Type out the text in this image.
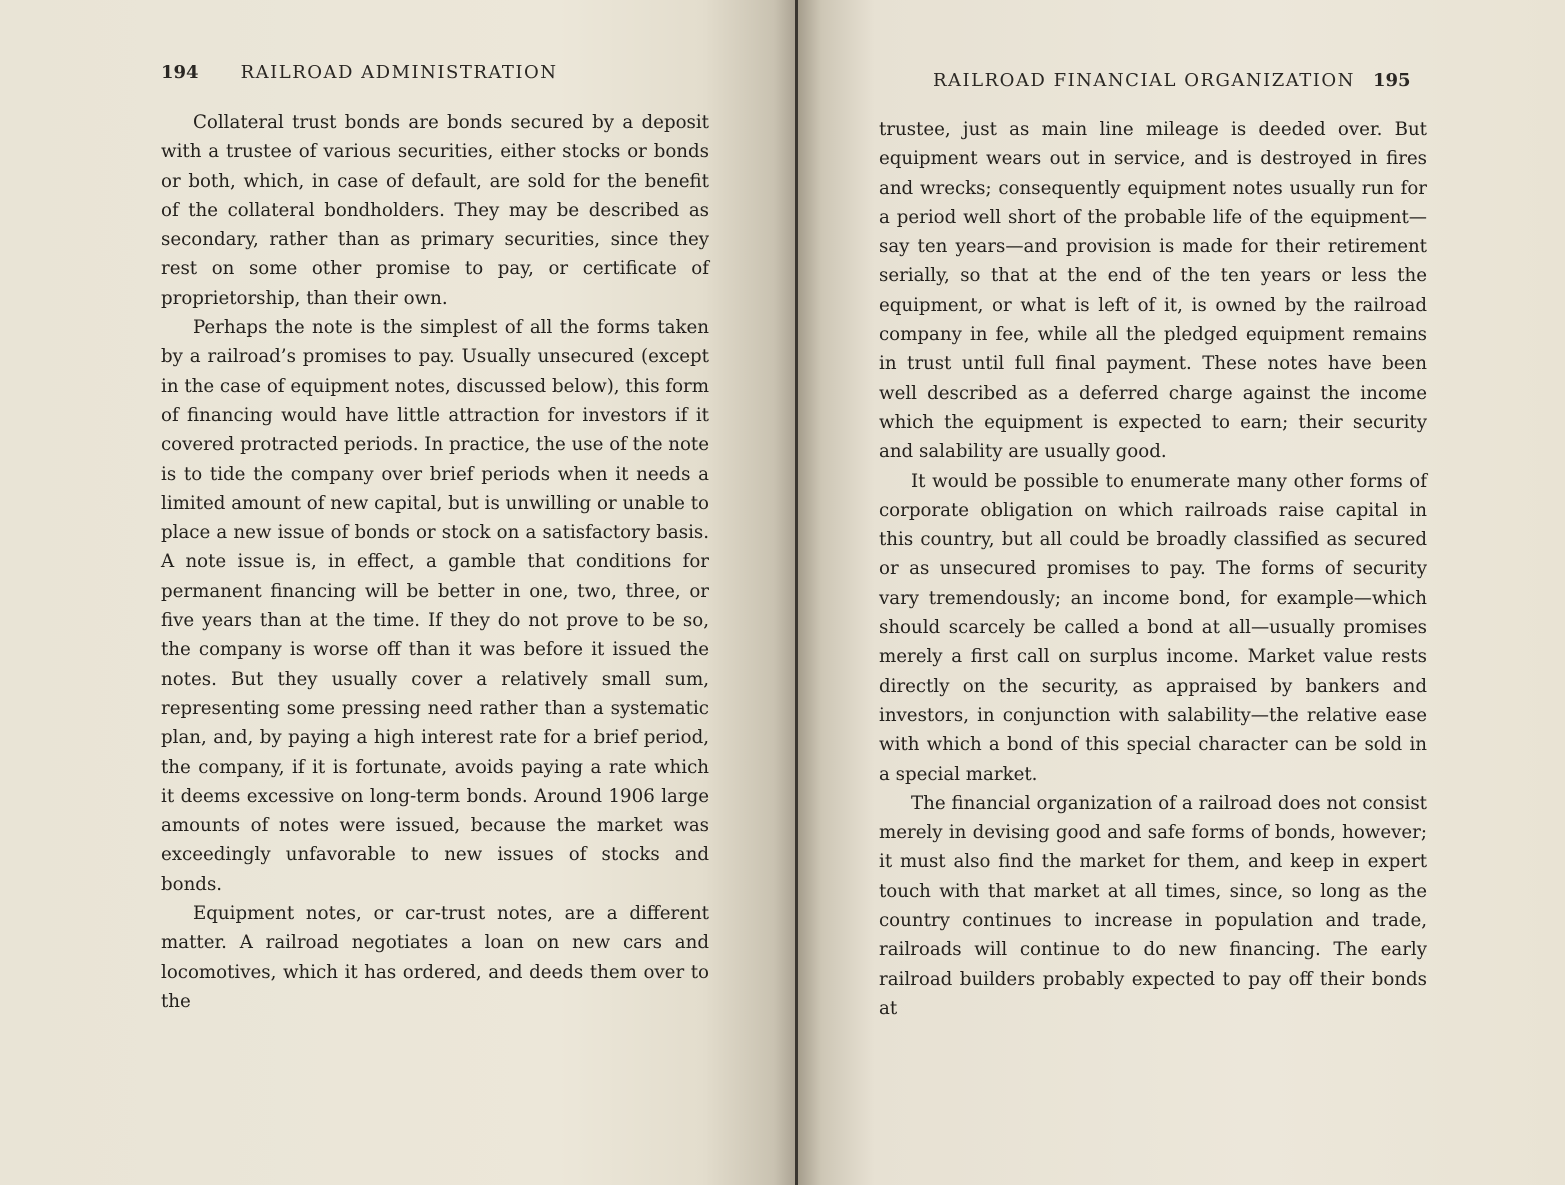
194 RAILROAD ADMINISTRATION

Collateral trust bonds are bonds secured by a deposit with a trustee of various securities, either stocks or bonds or both, which, in case of default, are sold for the benefit of the collateral bondholders. They may be described as secondary, rather than as primary securities, since they rest on some other promise to pay, or certificate of proprietorship, than their own.

Perhaps the note is the simplest of all the forms taken by a railroad’s promises to pay. Usually unsecured (except in the case of equipment notes, discussed below), this form of financing would have little attraction for investors if it covered protracted periods. In practice, the use of the note is to tide the company over brief periods when it needs a limited amount of new capital, but is unwilling or unable to place a new issue of bonds or stock on a satisfactory basis. A note issue is, in effect, a gamble that conditions for permanent financing will be better in one, two, three, or five years than at the time. If they do not prove to be so, the company is worse off than it was before it issued the notes. But they usually cover a relatively small sum, representing some pressing need rather than a systematic plan, and, by paying a high interest rate for a brief period, the company, if it is fortunate, avoids paying a rate which it deems excessive on long-term bonds. Around 1906 large amounts of notes were issued, because the market was exceedingly unfavorable to new issues of stocks and bonds.

Equipment notes, or car-trust notes, are a different matter. A railroad negotiates a loan on new cars and locomotives, which it has ordered, and deeds them over to the

RAILROAD FINANCIAL ORGANIZATION 195

trustee, just as main line mileage is deeded over. But equipment wears out in service, and is destroyed in fires and wrecks; consequently equipment notes usually run for a period well short of the probable life of the equipment—say ten years—and provision is made for their retirement serially, so that at the end of the ten years or less the equipment, or what is left of it, is owned by the railroad company in fee, while all the pledged equipment remains in trust until full final payment. These notes have been well described as a deferred charge against the income which the equipment is expected to earn; their security and salability are usually good.

It would be possible to enumerate many other forms of corporate obligation on which railroads raise capital in this country, but all could be broadly classified as secured or as unsecured promises to pay. The forms of security vary tremendously; an income bond, for example—which should scarcely be called a bond at all—usually promises merely a first call on surplus income. Market value rests directly on the security, as appraised by bankers and investors, in conjunction with salability—the relative ease with which a bond of this special character can be sold in a special market.

The financial organization of a railroad does not consist merely in devising good and safe forms of bonds, however; it must also find the market for them, and keep in expert touch with that market at all times, since, so long as the country continues to increase in population and trade, railroads will continue to do new financing. The early railroad builders probably expected to pay off their bonds at
